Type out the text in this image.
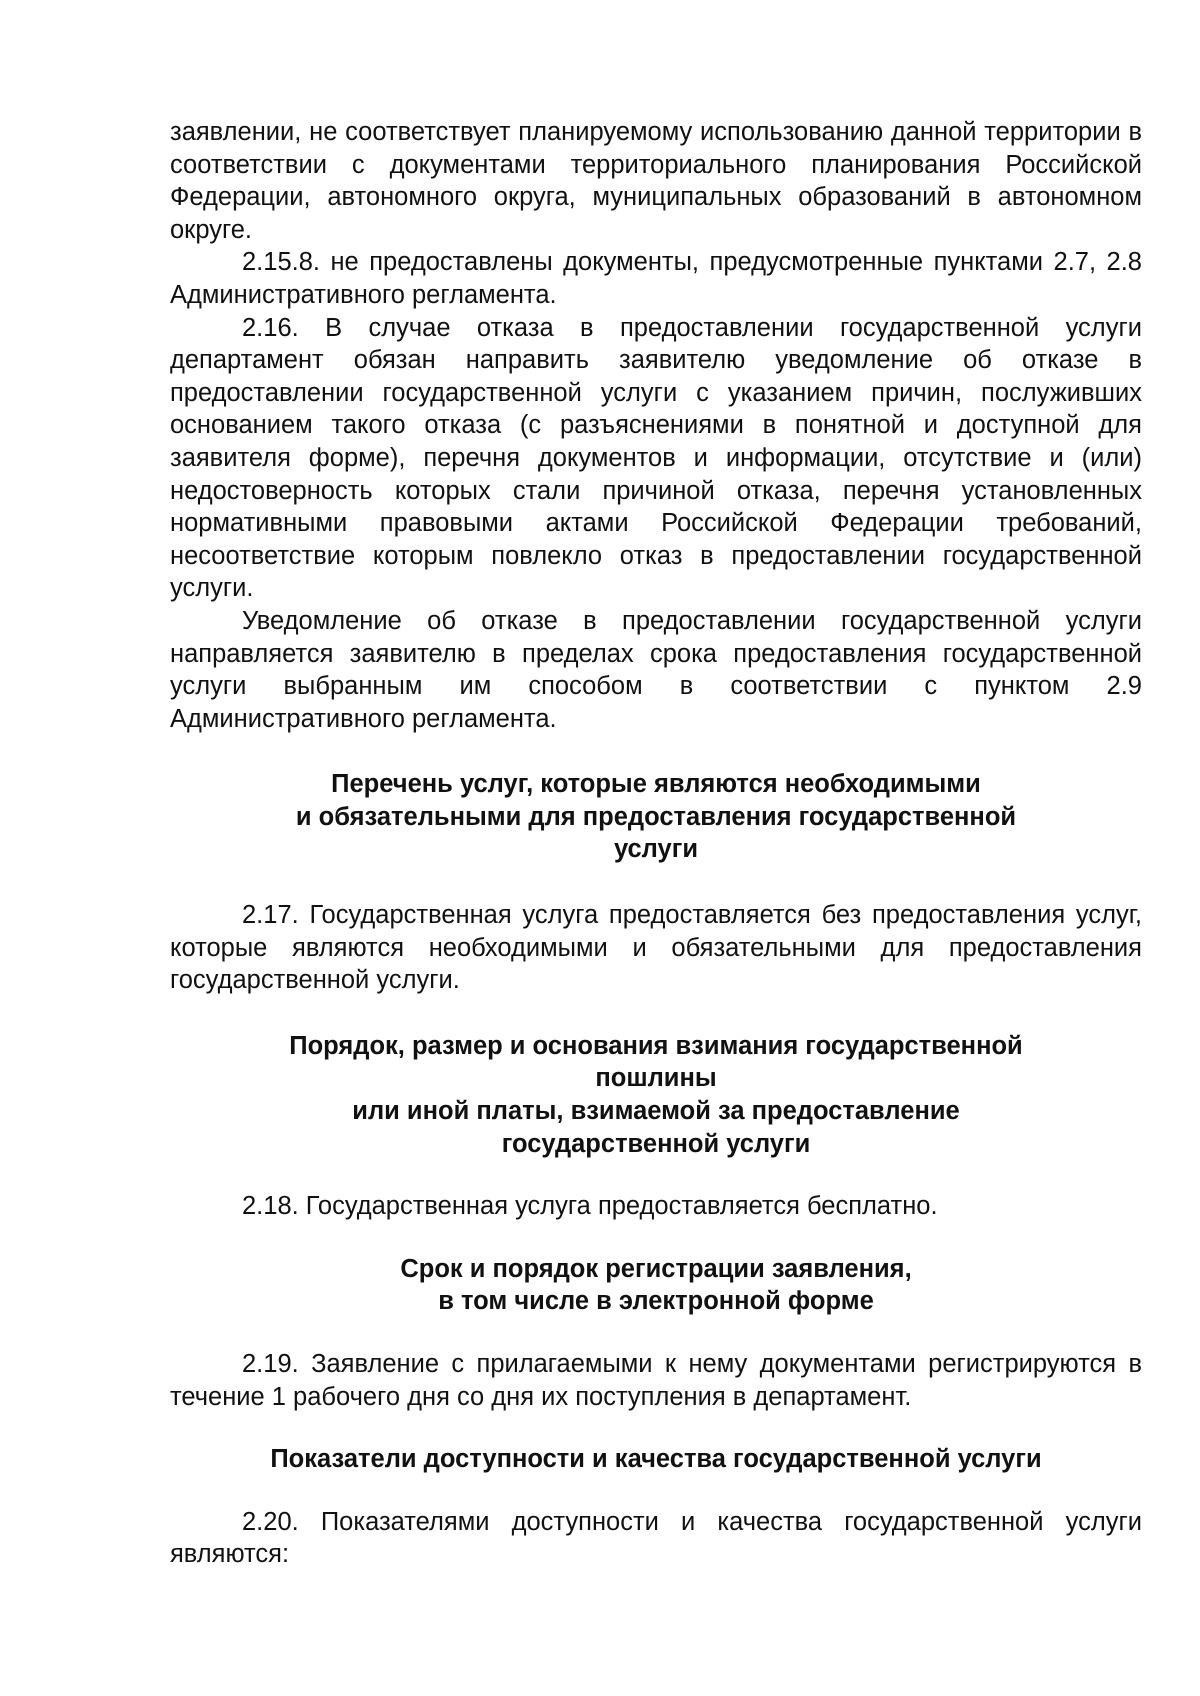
заявлении, не соответствует планируемому использованию данной территории в соответствии с документами территориального планирования Российской Федерации, автономного округа, муниципальных образований в автономном округе.

2.15.8. не предоставлены документы, предусмотренные пунктами 2.7, 2.8 Административного регламента.

2.16. В случае отказа в предоставлении государственной услуги департамент обязан направить заявителю уведомление об отказе в предоставлении государственной услуги с указанием причин, послуживших основанием такого отказа (с разъяснениями в понятной и доступной для заявителя форме), перечня документов и информации, отсутствие и (или) недостоверность которых стали причиной отказа, перечня установленных нормативными правовыми актами Российской Федерации требований, несоответствие которым повлекло отказ в предоставлении государственной услуги.

Уведомление об отказе в предоставлении государственной услуги направляется заявителю в пределах срока предоставления государственной услуги выбранным им способом в соответствии с пунктом 2.9 Административного регламента.

Перечень услуг, которые являются необходимыми
и обязательными для предоставления государственной
услуги

2.17. Государственная услуга предоставляется без предоставления услуг, которые являются необходимыми и обязательными для предоставления государственной услуги.

Порядок, размер и основания взимания государственной
пошлины
или иной платы, взимаемой за предоставление
государственной услуги

2.18. Государственная услуга предоставляется бесплатно.

Срок и порядок регистрации заявления,
в том числе в электронной форме

2.19. Заявление с прилагаемыми к нему документами регистрируются в течение 1 рабочего дня со дня их поступления в департамент.

Показатели доступности и качества государственной услуги

2.20. Показателями доступности и качества государственной услуги являются:
